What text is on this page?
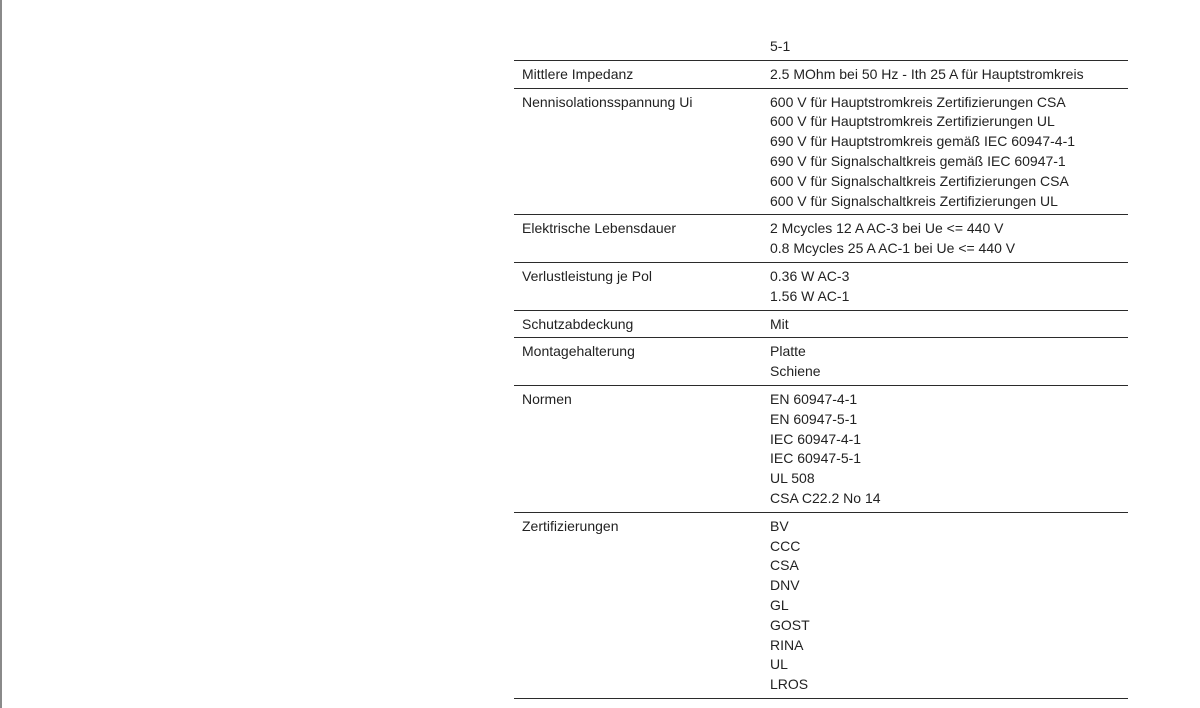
5-1
Mittlere Impedanz	2.5 MOhm bei 50 Hz - Ith 25 A für Hauptstromkreis
Nennisolationsspannung Ui	600 V für Hauptstromkreis Zertifizierungen CSA
600 V für Hauptstromkreis Zertifizierungen UL
690 V für Hauptstromkreis gemäß IEC 60947-4-1
690 V für Signalschaltkreis gemäß IEC 60947-1
600 V für Signalschaltkreis Zertifizierungen CSA
600 V für Signalschaltkreis Zertifizierungen UL
Elektrische Lebensdauer	2 Mcycles 12 A AC-3 bei Ue <= 440 V
0.8 Mcycles 25 A AC-1 bei Ue <= 440 V
Verlustleistung je Pol	0.36 W AC-3
1.56 W AC-1
Schutzabdeckung	Mit
Montagehalterung	Platte
Schiene
Normen	EN 60947-4-1
EN 60947-5-1
IEC 60947-4-1
IEC 60947-5-1
UL 508
CSA C22.2 No 14
Zertifizierungen	BV
CCC
CSA
DNV
GL
GOST
RINA
UL
LROS
